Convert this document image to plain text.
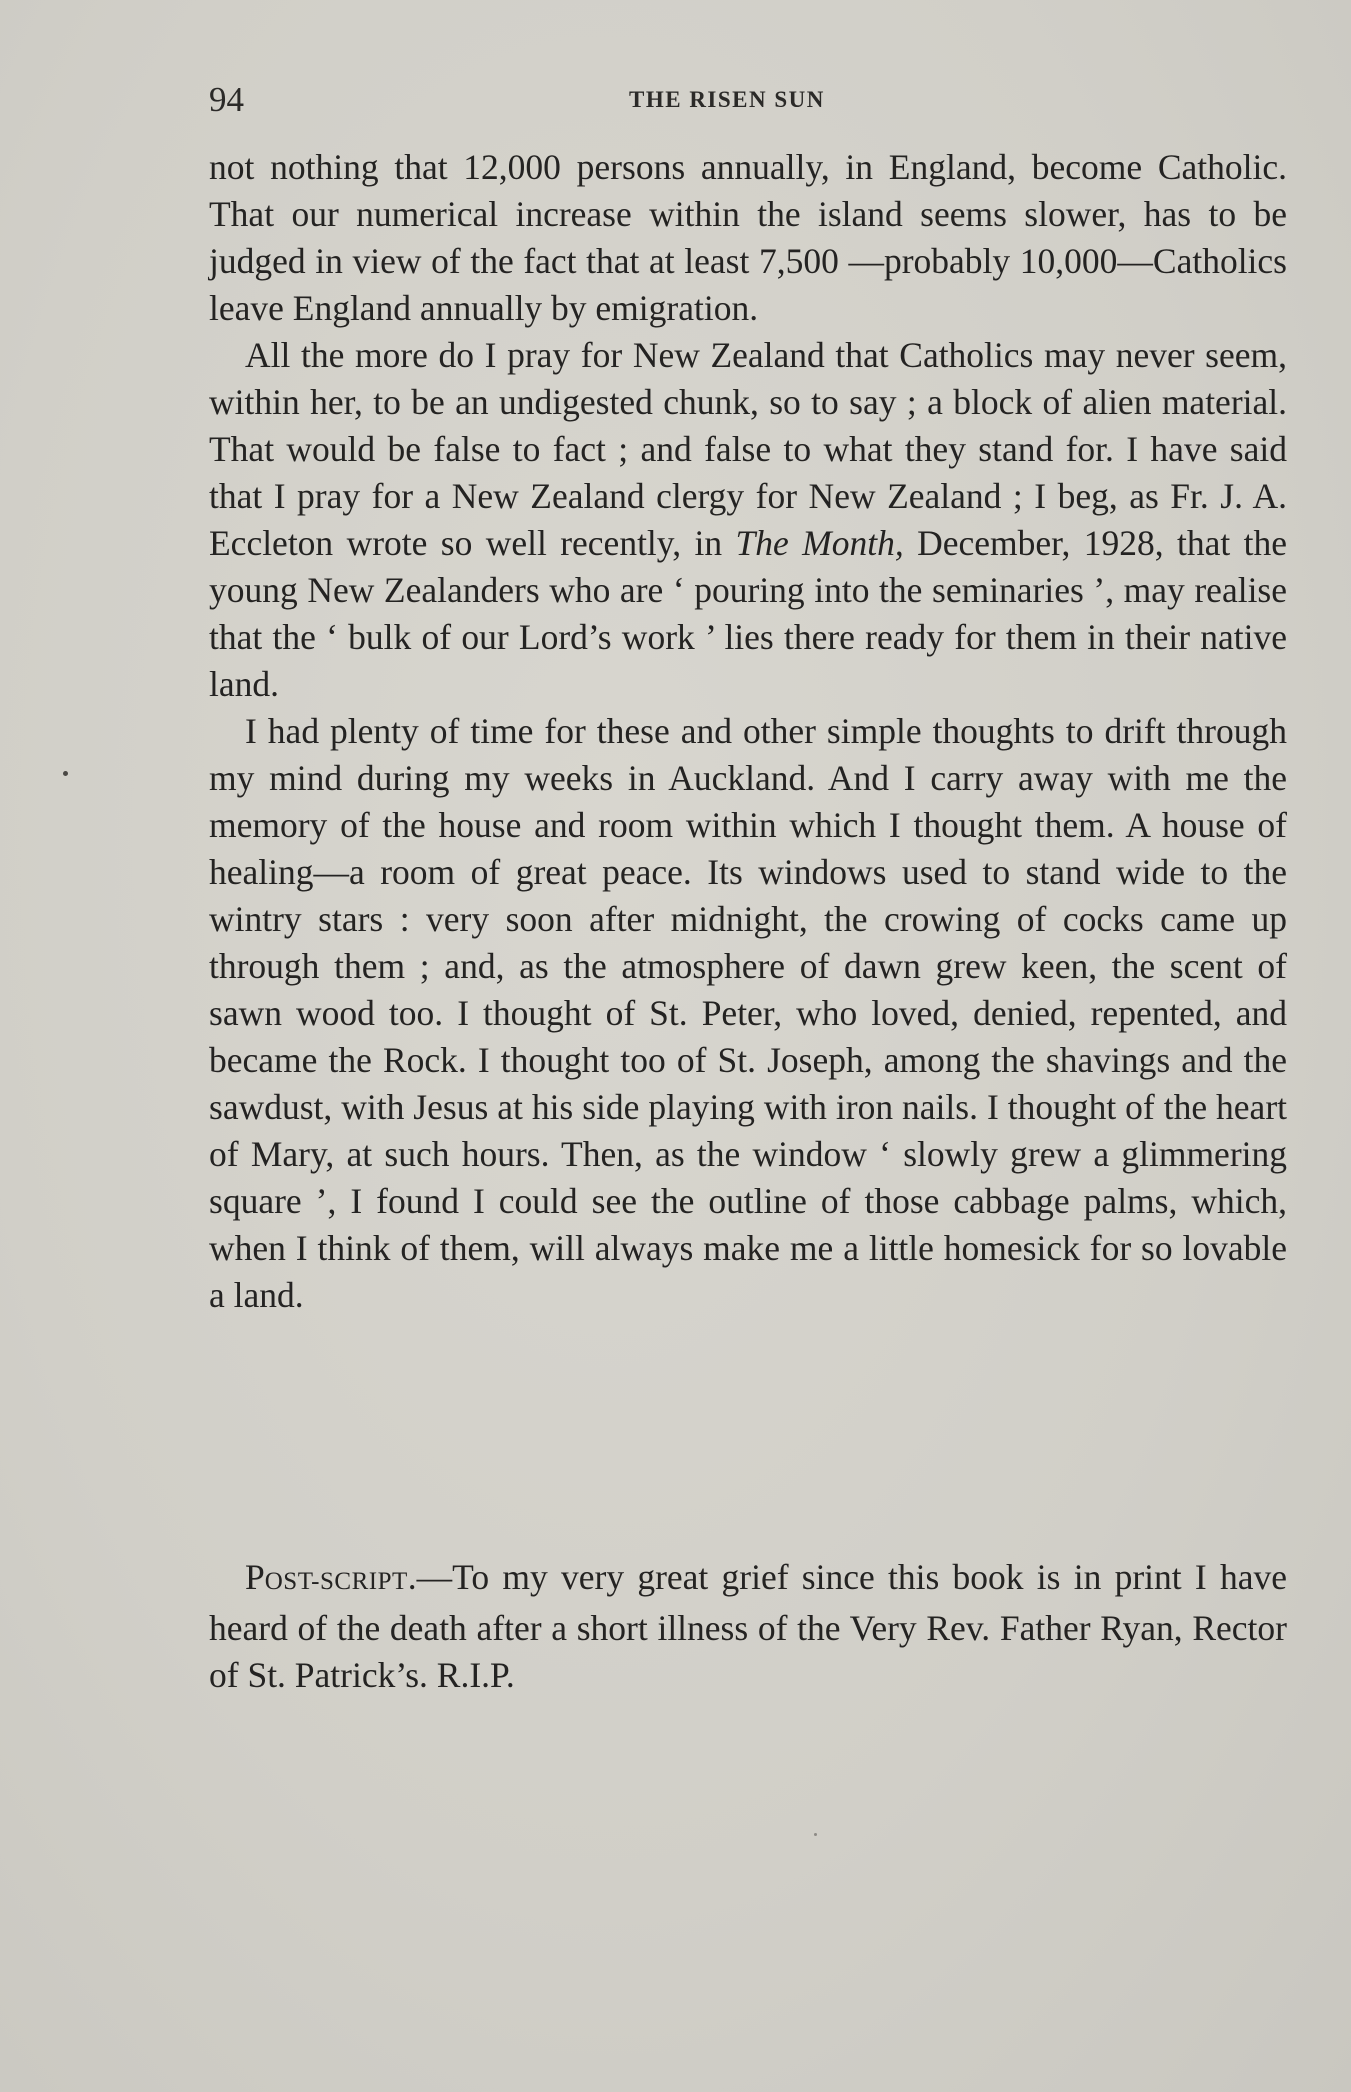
94	THE RISEN SUN

not nothing that 12,000 persons annually, in England, become Catholic. That our numerical increase within the island seems slower, has to be judged in view of the fact that at least 7,500 —probably 10,000—Catholics leave England annually by emigration.

All the more do I pray for New Zealand that Catholics may never seem, within her, to be an undigested chunk, so to say ; a block of alien material. That would be false to fact ; and false to what they stand for. I have said that I pray for a New Zealand clergy for New Zealand ; I beg, as Fr. J. A. Eccleton wrote so well recently, in The Month, December, 1928, that the young New Zealanders who are ‘ pouring into the seminaries ’, may realise that the ‘ bulk of our Lord’s work ’ lies there ready for them in their native land.

I had plenty of time for these and other simple thoughts to drift through my mind during my weeks in Auckland. And I carry away with me the memory of the house and room within which I thought them. A house of healing—a room of great peace. Its windows used to stand wide to the wintry stars : very soon after midnight, the crowing of cocks came up through them ; and, as the atmosphere of dawn grew keen, the scent of sawn wood too. I thought of St. Peter, who loved, denied, repented, and became the Rock. I thought too of St. Joseph, among the shavings and the sawdust, with Jesus at his side playing with iron nails. I thought of the heart of Mary, at such hours. Then, as the window ‘ slowly grew a glimmering square ’, I found I could see the outline of those cabbage palms, which, when I think of them, will always make me a little homesick for so lovable a land.

POST-SCRIPT.—To my very great grief since this book is in print I have heard of the death after a short illness of the Very Rev. Father Ryan, Rector of St. Patrick’s. R.I.P.
